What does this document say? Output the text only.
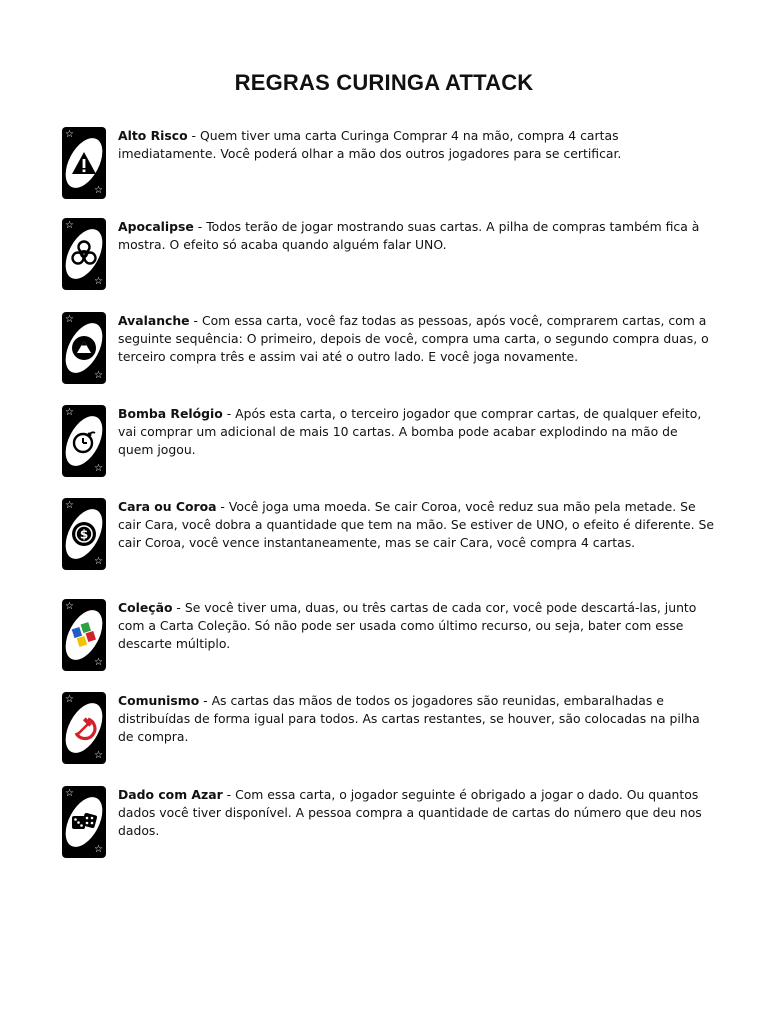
REGRAS CURINGA ATTACK
☆
☆
Alto Risco - Quem tiver uma carta Curinga Comprar 4 na mão, compra 4 cartas imediatamente. Você poderá olhar a mão dos outros jogadores para se certificar.
☆
☆
Apocalipse - Todos terão de jogar mostrando suas cartas. A pilha de compras também fica à mostra. O efeito só acaba quando alguém falar UNO.
☆
☆
Avalanche - Com essa carta, você faz todas as pessoas, após você, comprarem cartas, com a seguinte sequência: O primeiro, depois de você, compra uma carta, o segundo compra duas, o terceiro compra três e assim vai até o outro lado. E você joga novamente.
☆
☆
Bomba Relógio - Após esta carta, o terceiro jogador que comprar cartas, de qualquer efeito, vai comprar um adicional de mais 10 cartas. A bomba pode acabar explodindo na mão de quem jogou.
☆
☆
$
Cara ou Coroa - Você joga uma moeda. Se cair Coroa, você reduz sua mão pela metade. Se cair Cara, você dobra a quantidade que tem na mão. Se estiver de UNO, o efeito é diferente. Se cair Coroa, você vence instantaneamente, mas se cair Cara, você compra 4 cartas.
☆
☆
Coleção - Se você tiver uma, duas, ou três cartas de cada cor, você pode descartá-las, junto com a Carta Coleção. Só não pode ser usada como último recurso, ou seja, bater com esse descarte múltiplo.
☆
☆
Comunismo - As cartas das mãos de todos os jogadores são reunidas, embaralhadas e distribuídas de forma igual para todos. As cartas restantes, se houver, são colocadas na pilha de compra.
☆
☆
Dado com Azar - Com essa carta, o jogador seguinte é obrigado a jogar o dado. Ou quantos dados você tiver disponível. A pessoa compra a quantidade de cartas do número que deu nos dados.
